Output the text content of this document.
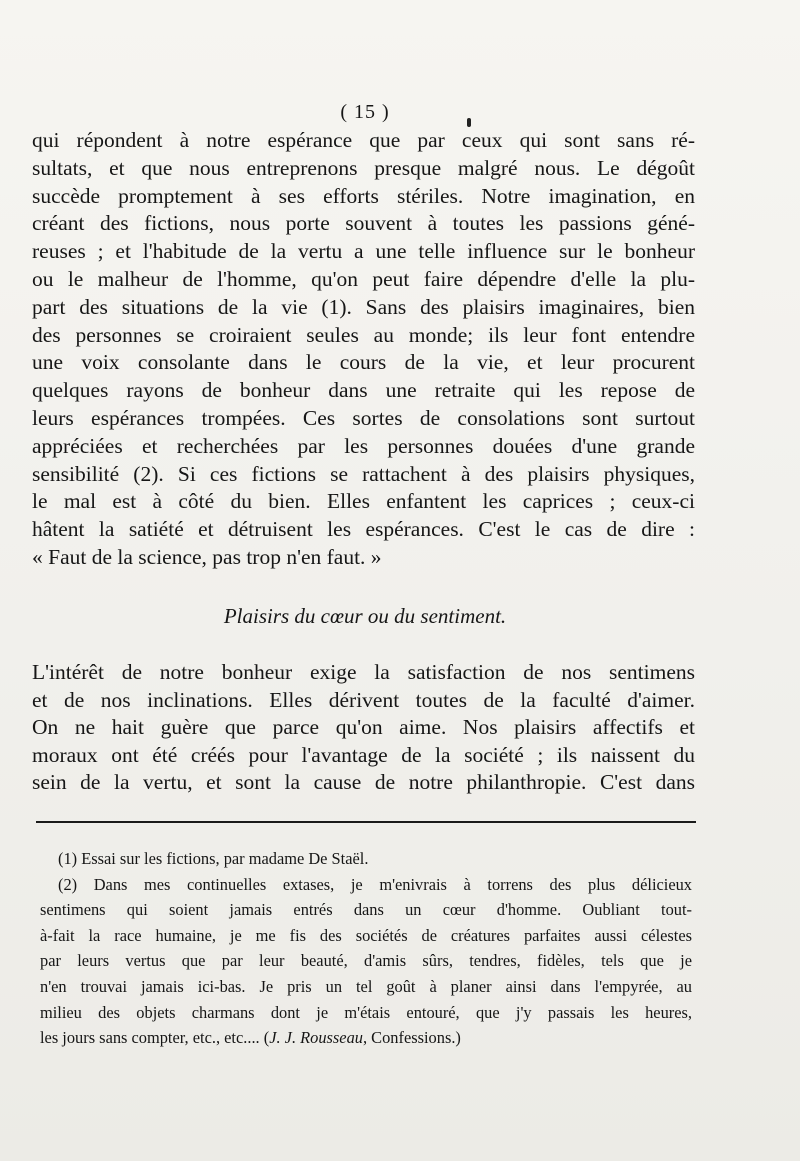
( 15 )
qui répondent à notre espérance que par ceux qui sont sans ré-
sultats, et que nous entreprenons presque malgré nous. Le dégoût
succède promptement à ses efforts stériles. Notre imagination, en
créant des fictions, nous porte souvent à toutes les passions géné-
reuses ; et l'habitude de la vertu a une telle influence sur le bonheur
ou le malheur de l'homme, qu'on peut faire dépendre d'elle la plu-
part des situations de la vie (1). Sans des plaisirs imaginaires, bien
des personnes se croiraient seules au monde; ils leur font entendre
une voix consolante dans le cours de la vie, et leur procurent
quelques rayons de bonheur dans une retraite qui les repose de
leurs espérances trompées. Ces sortes de consolations sont surtout
appréciées et recherchées par les personnes douées d'une grande
sensibilité (2). Si ces fictions se rattachent à des plaisirs physiques,
le mal est à côté du bien. Elles enfantent les caprices ; ceux-ci
hâtent la satiété et détruisent les espérances. C'est le cas de dire :
« Faut de la science, pas trop n'en faut. »
Plaisirs du cœur ou du sentiment.
L'intérêt de notre bonheur exige la satisfaction de nos sentimens
et de nos inclinations. Elles dérivent toutes de la faculté d'aimer.
On ne hait guère que parce qu'on aime. Nos plaisirs affectifs et
moraux ont été créés pour l'avantage de la société ; ils naissent du
sein de la vertu, et sont la cause de notre philanthropie. C'est dans
(1) Essai sur les fictions, par madame De Staël.
(2) Dans mes continuelles extases, je m'enivrais à torrens des plus délicieux
sentimens qui soient jamais entrés dans un cœur d'homme. Oubliant tout-
à-fait la race humaine, je me fis des sociétés de créatures parfaites aussi célestes
par leurs vertus que par leur beauté, d'amis sûrs, tendres, fidèles, tels que je
n'en trouvai jamais ici-bas. Je pris un tel goût à planer ainsi dans l'empyrée, au
milieu des objets charmans dont je m'étais entouré, que j'y passais les heures,
les jours sans compter, etc., etc.... (J. J. Rousseau, Confessions.)
